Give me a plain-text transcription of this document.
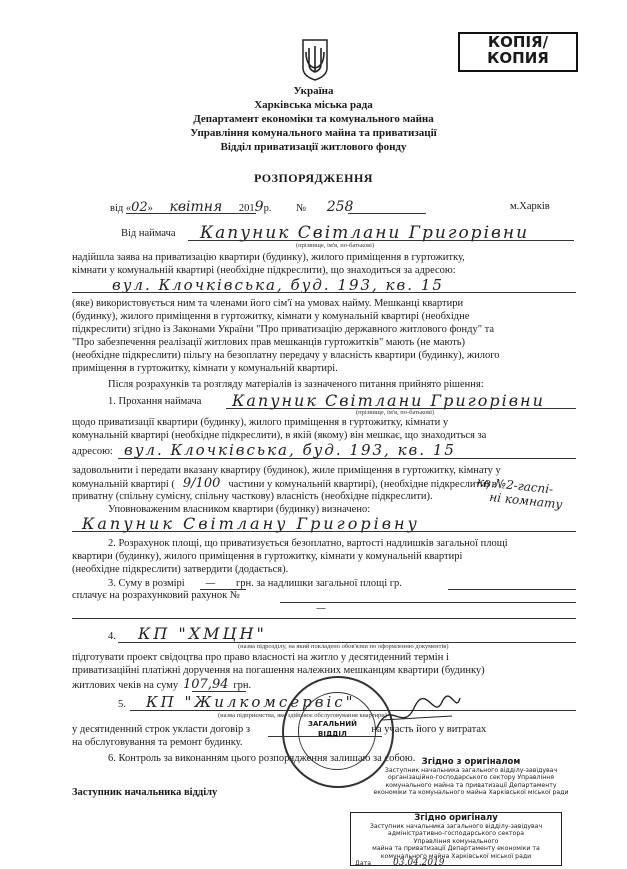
КОПІЯ/
КОПИЯ
Україна
Харківська міська рада
Департамент економіки та комунального майна
Управління комунального майна та приватизації
Відділ приватизації житлового фонду
РОЗПОРЯДЖЕННЯ
від «02» квітня 2019р. № 258	м.Харків
Від наймача Капуник Світлани Григорівни
(прізвище, ім'я, по-батькові)
надійшла заява на приватизацію квартири (будинку), жилого приміщення в гуртожитку,
кімнати у комунальній квартирі (необхідне підкреслити), що знаходиться за адресою:
вул. Клочківська, буд. 193, кв. 15
(яке) використовується ним та членами його сім'ї на умовах найму. Мешканці квартири
(будинку), жилого приміщення в гуртожитку, кімнати у комунальній квартирі (необхідне
підкреслити) згідно із Законами України "Про приватизацію державного житлового фонду" та
"Про забезпечення реалізації житлових прав мешканців гуртожитків" мають (не мають)
(необхідне підкреслити) пільгу на безоплатну передачу у власність квартири (будинку), жилого
приміщення в гуртожитку, кімнати у комунальній квартирі.
Після розрахунків та розгляду матеріалів із зазначеного питання прийнято рішення:
1. Прохання наймача Капуник Світлани Григорівни
(прізвище, ім'я, по-батькові)
щодо приватизації квартири (будинку), жилого приміщення в гуртожитку, кімнати у
комунальній квартирі (необхідне підкреслити), в якій (якому) він мешкає, що знаходиться за
адресою: вул. Клочківська, буд. 193, кв. 15
задовольнити і передати вказану квартиру (будинок), жиле приміщення в гуртожитку, кімнату у
комунальній квартирі ( 9/100 частини у комунальній квартирі), (необхідне підкреслити) в
приватну (спільну сумісну, спільну часткову) власність (необхідне підкреслити).
кв.№2-гаспі-
ні комнату
Уповноваженим власником квартири (будинку) визначено:
Капуник Світлану Григорівну
2. Розрахунок площі, що приватизується безоплатно, вартості надлишків загальної площі
квартири (будинку), жилого приміщення в гуртожитку, кімнати у комунальній квартирі
(необхідне підкреслити) затвердити (додається).
3. Суму в розмірі — грн. за надлишки загальної площі гр.
сплачує на розрахунковий рахунок №
—
4. КП "ХМЦН"
(назва підрозділу, на який покладено обов'язки по оформленню документів)
підготувати проект свідоцтва про право власності на житло у десятиденний термін і
приватизаційні платіжні доручення на погашення належних мешканцям квартири (будинку)
житлових чеків на суму 107,94 грн.
5. КП "Жилкомсервіс"
(назва підприємства, яке здійснює обслуговування квартири)
у десятиденний строк укласти договір з	на участь його у витратах
на обслуговування та ремонт будинку.
6. Контроль за виконанням цього розпорядження залишаю за собою.
Заступник начальника відділу
ЗАГАЛЬНИЙ
ВІДДІЛ
Згідно з оригіналом
Заступник начальника загального відділу-завідувач
організаційно-господарського сектору Управління
комунального майна та приватизації Департаменту
економіки та комунального майна Харківської міської ради
Згідно оригіналу
Заступник начальника загального відділу-завідувач
адміністративно-господарського сектора
Управління комунального
майна та приватизації Департаменту економіки та
комунального майна Харківської міської ради
Дата 03.04.2019
